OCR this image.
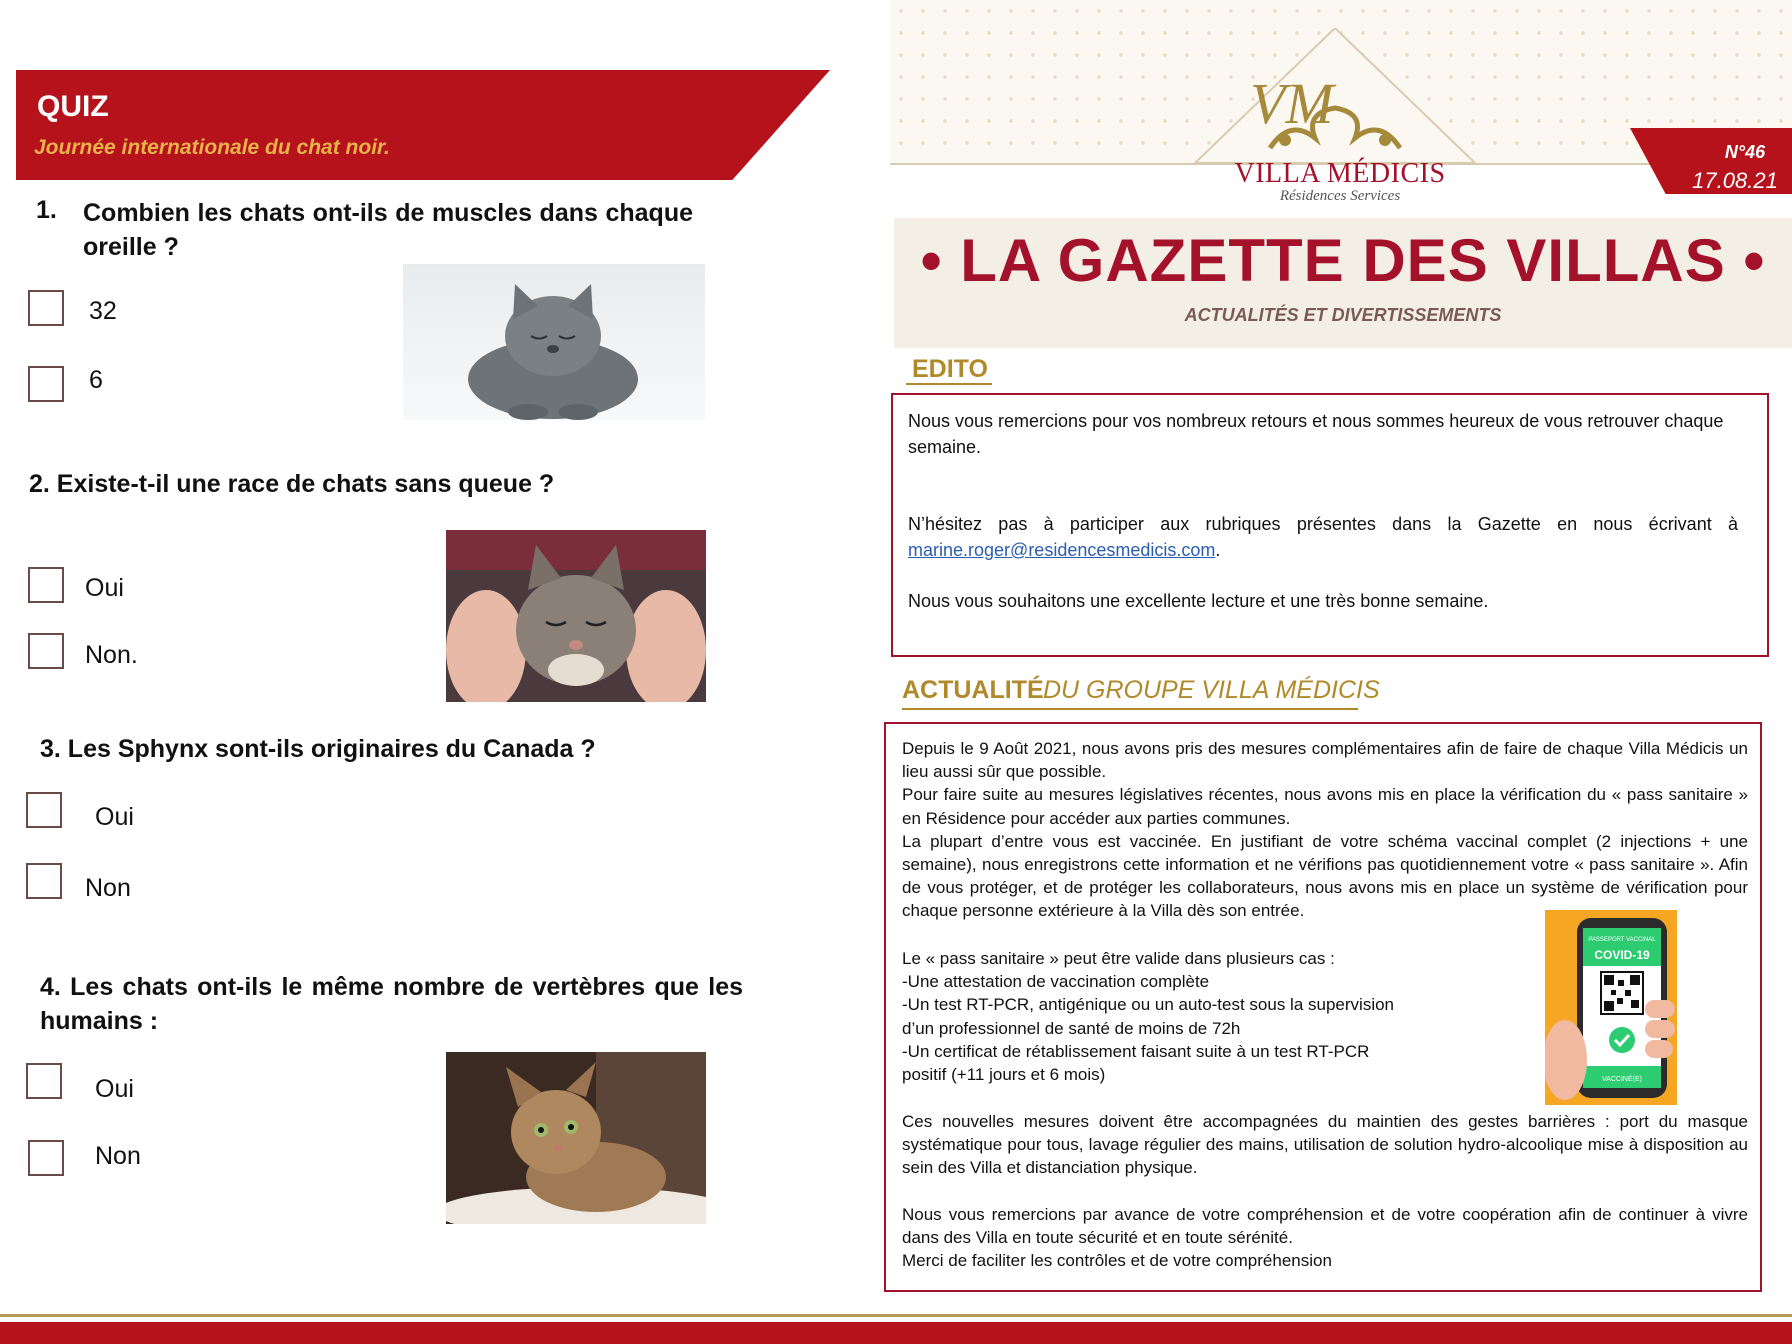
QUIZ
Journée internationale du chat noir.
1. Combien les chats ont-ils de muscles dans chaque oreille ?
32
6
2. Existe-t-il une race de chats sans queue ?
Oui
Non.
3. Les Sphynx sont-ils originaires du Canada ?
Oui
Non
4. Les chats ont-ils le même nombre de vertèbres que les humains :
Oui
Non
VM
VILLA MÉDICIS
Résidences Services
N°46
17.08.21
• LA GAZETTE DES VILLAS •
ACTUALITÉS ET DIVERTISSEMENTS
EDITO
Nous vous remercions pour vos nombreux retours et nous sommes heureux de vous retrouver chaque semaine.
N’hésitez pas à participer aux rubriques présentes dans la Gazette en nous écrivant à marine.roger@residencesmedicis.com.
Nous vous souhaitons une excellente lecture et une très bonne semaine.
ACTUALITÉ DU GROUPE VILLA MÉDICIS
Depuis le 9 Août 2021, nous avons pris des mesures complémentaires afin de faire de chaque Villa Médicis un lieu aussi sûr que possible.
Pour faire suite au mesures législatives récentes, nous avons mis en place la vérification du « pass sanitaire » en Résidence pour accéder aux parties communes.
La plupart d’entre vous est vaccinée. En justifiant de votre schéma vaccinal complet (2 injections + une semaine), nous enregistrons cette information et ne vérifions pas quotidiennement votre « pass sanitaire ». Afin de vous protéger, et de protéger les collaborateurs, nous avons mis en place un système de vérification pour chaque personne extérieure à la Villa dès son entrée.
Le « pass sanitaire » peut être valide dans plusieurs cas :
-Une attestation de vaccination complète
-Un test RT-PCR, antigénique ou un auto-test sous la supervision d’un professionnel de santé de moins de 72h
-Un certificat de rétablissement faisant suite à un test RT-PCR positif (+11 jours et 6 mois)
PASSEPORT VACCINAL
COVID-19
VACCINÉ(E)
Ces nouvelles mesures doivent être accompagnées du maintien des gestes barrières : port du masque systématique pour tous, lavage régulier des mains, utilisation de solution hydro-alcoolique mise à disposition au sein des Villa et distanciation physique.
Nous vous remercions par avance de votre compréhension et de votre coopération afin de continuer à vivre dans des Villa en toute sécurité et en toute sérénité.
Merci de faciliter les contrôles et de votre compréhension
